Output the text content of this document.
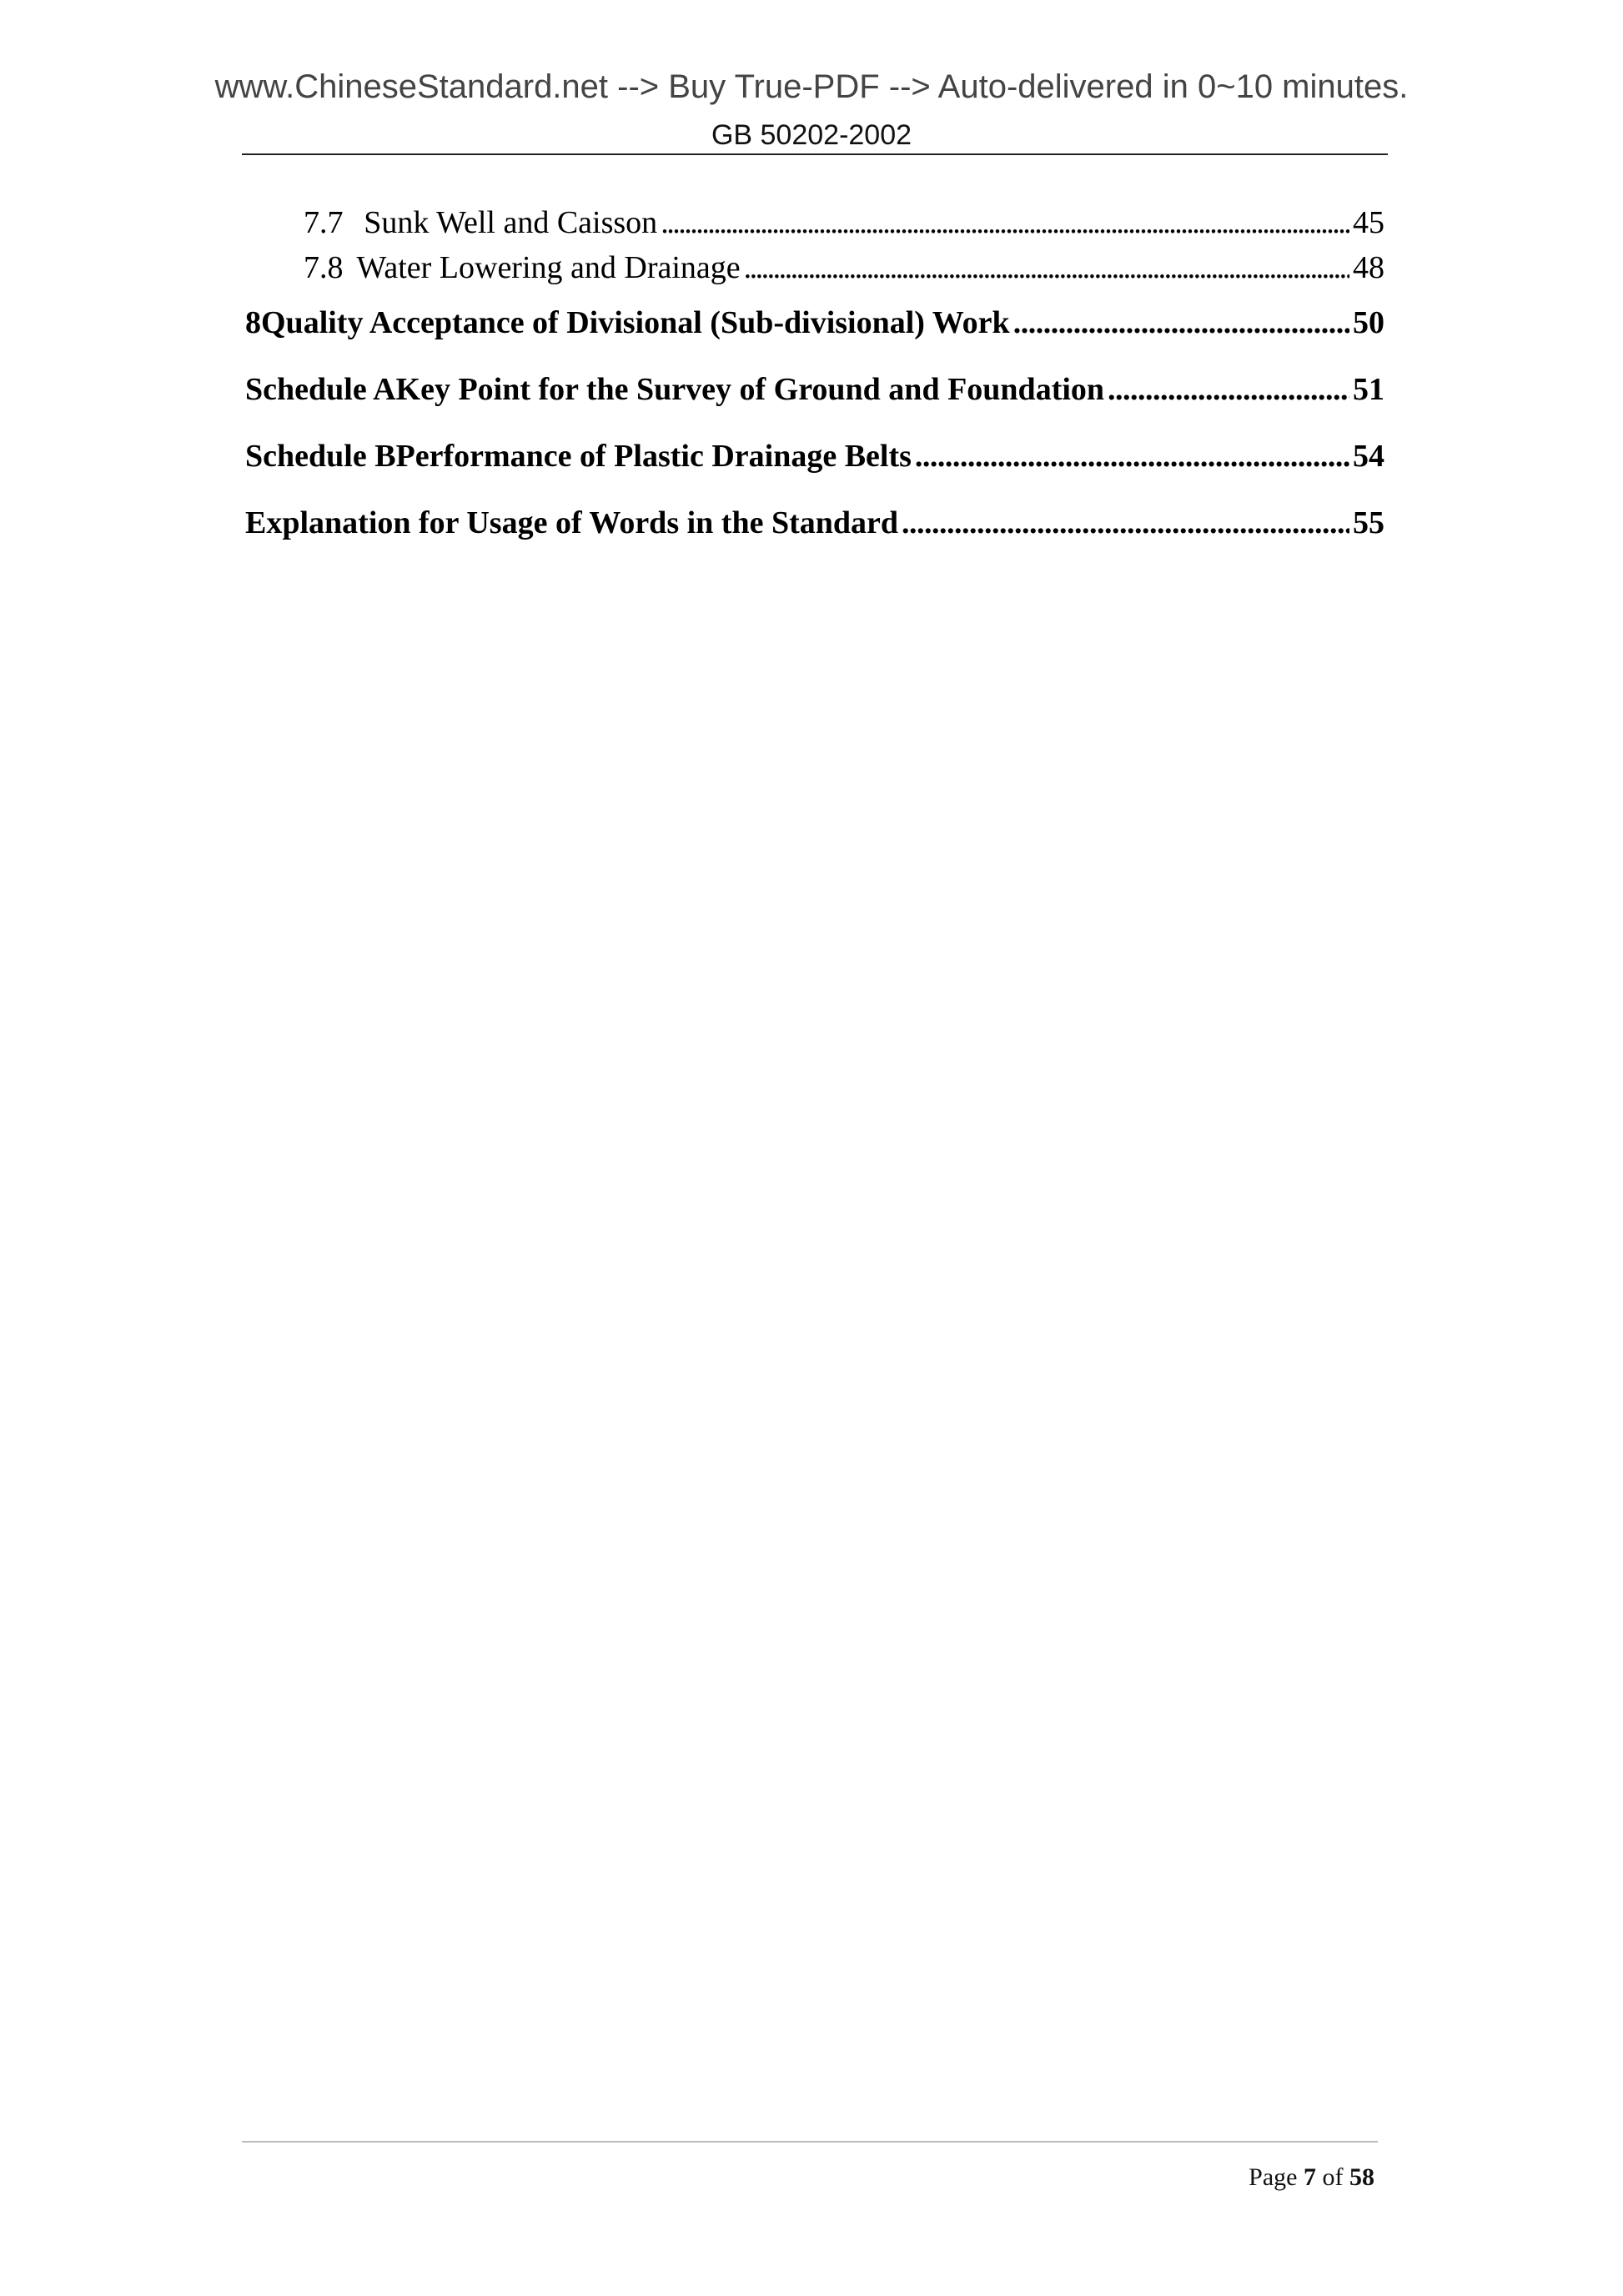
www.ChineseStandard.net --> Buy True-PDF --> Auto-delivered in 0~10 minutes.
GB 50202-2002
7.7 Sunk Well and Caisson . . .	45
7.8 Water Lowering and Drainage . . .	48
8 Quality Acceptance of Divisional (Sub-divisional) Work . . .	50
Schedule A Key Point for the Survey of Ground and Foundation . . .	51
Schedule B Performance of Plastic Drainage Belts . . .	54
Explanation for Usage of Words in the Standard . . .	55
Page 7 of 58
